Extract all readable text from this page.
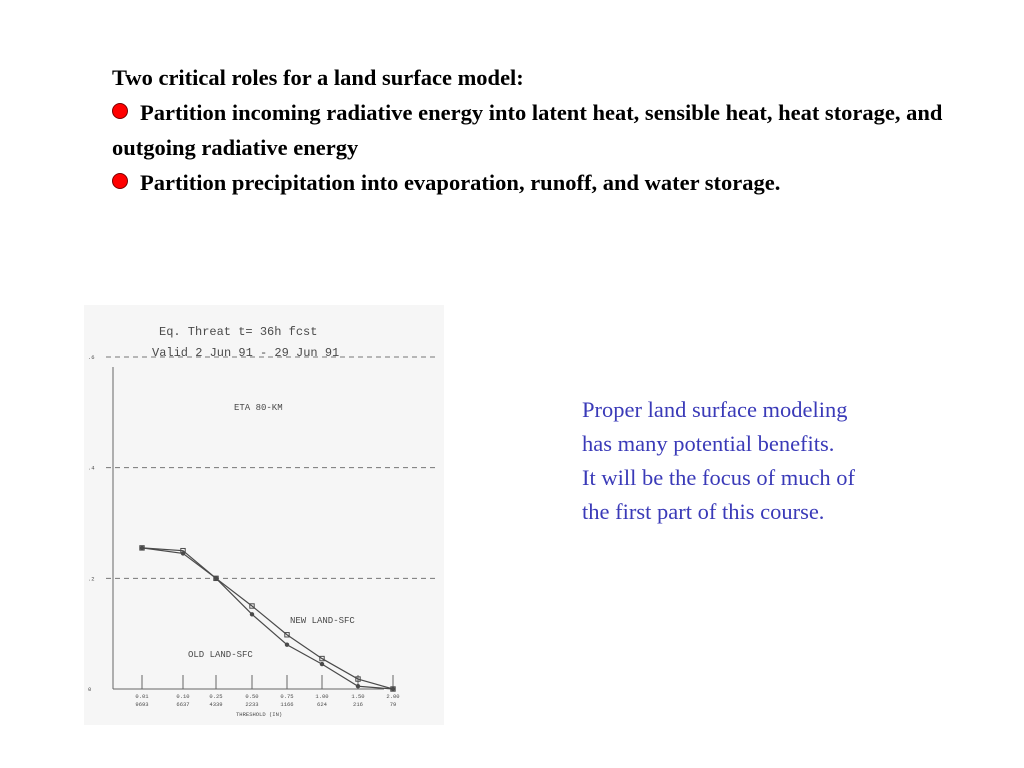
Two critical roles for a land surface model:

Partition incoming radiative energy into latent heat, sensible heat, heat storage, and outgoing radiative energy

Partition precipitation into evaporation, runoff, and water storage.

Eq. Threat t= 36h fcst
Valid 2 Jun 91 - 29 Jun 91
ETA 80-KM
0
.2
.4
.6
0.01
9693
0.10
6637
0.25
4339
0.50
2233
0.75
1166
1.00
624
1.50
216
2.00
79
NEW LAND-SFC
OLD LAND-SFC
THRESHOLD (IN)

Proper land surface modeling

has many potential benefits.

It will be the focus of much of

the first part of this course.
